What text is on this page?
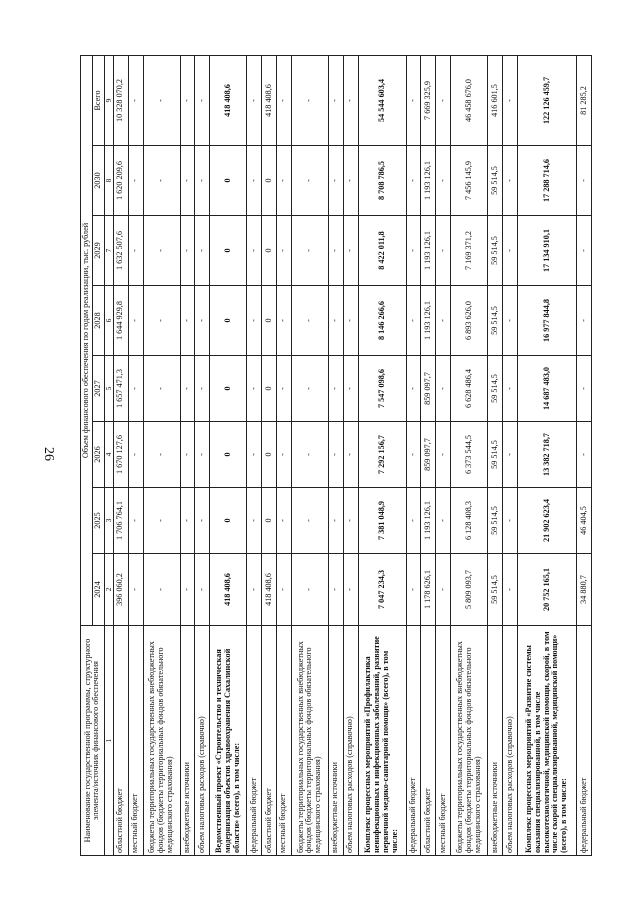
26
Наименование государственной программы, структурного элемента/источник финансового обеспечения	Объем финансового обеспечения по годам реализации, тыс. рублей							
	2024	2025	2026	2027	2028	2029	2030	Всего
1	2	3	4	5	6	7	8	9
областной бюджет	396 060,2	1 706 764,1	1 670 127,6	1 657 471,3	1 644 929,8	1 632 507,6	1 620 209,6	10 328 070,2
местный бюджет	-	-	-	-	-	-	-	-
бюджеты территориальных государственных внебюджетных фондов (бюджеты территориальных фондов обязательного медицинского страхования)	-	-	-	-	-	-	-	-
внебюджетные источники	-	-	-	-	-	-	-	-
объем налоговых расходов (справочно)	-	-	-	-	-	-	-	-
Ведомственный проект «Строительство и техническая модернизация объектов здравоохранения Сахалинской области» (всего), в том числе:	418 408,6	0	0	0	0	0	0	418 408,6
федеральный бюджет	-	-	-	-	-	-	-	-
областной бюджет	418 408,6	0	0	0	0	0	0	418 408,6
местный бюджет	-	-	-	-	-	-	-	-
бюджеты территориальных государственных внебюджетных фондов (бюджеты территориальных фондов обязательного медицинского страхования)	-	-	-	-	-	-	-	-
внебюджетные источники	-	-	-	-	-	-	-	-
объем налоговых расходов (справочно)	-	-	-	-	-	-	-	-
Комплекс процессных мероприятий «Профилактика неинфекционных и инфекционных заболеваний, развитие первичной медико-санитарной помощи» (всего), в том числе:	7 047 234,3	7 381 048,9	7 292 156,7	7 547 098,6	8 146 266,6	8 422 011,8	8 708 786,5	54 544 603,4
федеральный бюджет	-	-	-	-	-	-	-	-
областной бюджет	1 178 626,1	1 193 126,1	859 097,7	859 097,7	1 193 126,1	1 193 126,1	1 193 126,1	7 669 325,9
местный бюджет	-	-	-	-	-	-	-	-
бюджеты территориальных государственных внебюджетных фондов (бюджеты территориальных фондов обязательного медицинского страхования)	5 809 093,7	6 128 408,3	6 373 544,5	6 628 486,4	6 893 626,0	7 169 371,2	7 456 145,9	46 458 676,0
внебюджетные источники	59 514,5	59 514,5	59 514,5	59 514,5	59 514,5	59 514,5	59 514,5	416 601,5
объем налоговых расходов (справочно)	-	-	-	-	-	-	-	-
Комплекс процессных мероприятий «Развитие системы оказания специализированной, в том числе высокотехнологичной, медицинской помощи, скорой, в том числе скорой специализированной, медицинской помощи» (всего), в том числе:	20 752 165,1	21 902 623,4	13 382 718,7	14 687 483,0	16 977 844,8	17 134 910,1	17 288 714,6	122 126 459,7
федеральный бюджет	34 880,7	46 404,5	-	-	-	-	-	81 285,2
